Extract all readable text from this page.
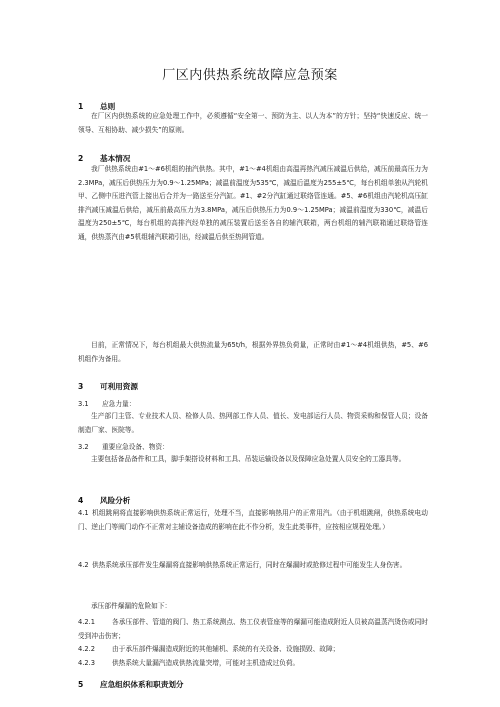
厂区内供热系统故障应急预案
1 总则

在厂区内供热系统的应急处理工作中，必须遵循“安全第一、预防为主、以人为本”的方针；坚持“快速反应、统一领导、互相协助、减少损失”的原则。

2 基本情况

我厂供热系统由#1～#6机组的抽汽供热。其中，#1～#4机组由高温再热汽减压减温后供给，减压前最高压力为2.3MPa，减压后供热压力为0.9～1.25MPa；减温前温度为535℃，减温后温度为255±5℃，每台机组单独从汽轮机甲、乙侧中压进汽管上接出后合并为一路送至分汽缸。#1、#2分汽缸通过联络管连通。#5、#6机组由汽轮机高压缸排汽减压减温后供给，减压前最高压力为3.8MPa，减压后供热压力为0.9～1.25MPa；减温前温度为330℃，减温后温度为250±5℃，每台机组的高排汽经单独的减压装置后送至各自的辅汽联箱，两台机组的辅汽联箱通过联络管连通，供热蒸汽由#5机组辅汽联箱引出，经减温后供至热网管道。

目前，正常情况下，每台机组最大供热流量为65t/h，根据外界热负荷量，正常时由#1～#4机组供热，#5、#6机组作为备用。

3 可利用资源
3.1 应急力量：

生产部门主管、专业技术人员、检修人员、热网部工作人员、值长、发电部运行人员、物资采购和保管人员；设备制造厂家、医院等。

3.2 重要应急设备、物资：

主要包括备品备件和工具，脚手架搭设材料和工具、吊装运输设备以及保障应急处置人员安全的工器具等。

4 风险分析

4.1 机组跳闸将直接影响供热系统正常运行，处理不当，直接影响热用户的正常用汽。（由于机组跳闸，供热系统电动门、逆止门等阀门动作不正常对主辅设备造成的影响在此不作分析，发生此类事件，应按相应规程处理。）

4.2 供热系统承压部件发生爆漏将直接影响供热系统正常运行，同时在爆漏时或抢修过程中可能发生人身伤害。

承压部件爆漏的危险如下：

4.2.1	各承压部件、管道的阀门、热工系统测点、热工仪表管座等的爆漏可能造成附近人员被高温蒸汽烫伤或同时受到冲击伤害；

4.2.2	由于承压部件爆漏造成附近的其他辅机、系统的有关设备、设施损毁、故障；

4.2.3	供热系统大量漏汽造成供热流量突增，可能对主机造成过负荷。

5 应急组织体系和职责划分
